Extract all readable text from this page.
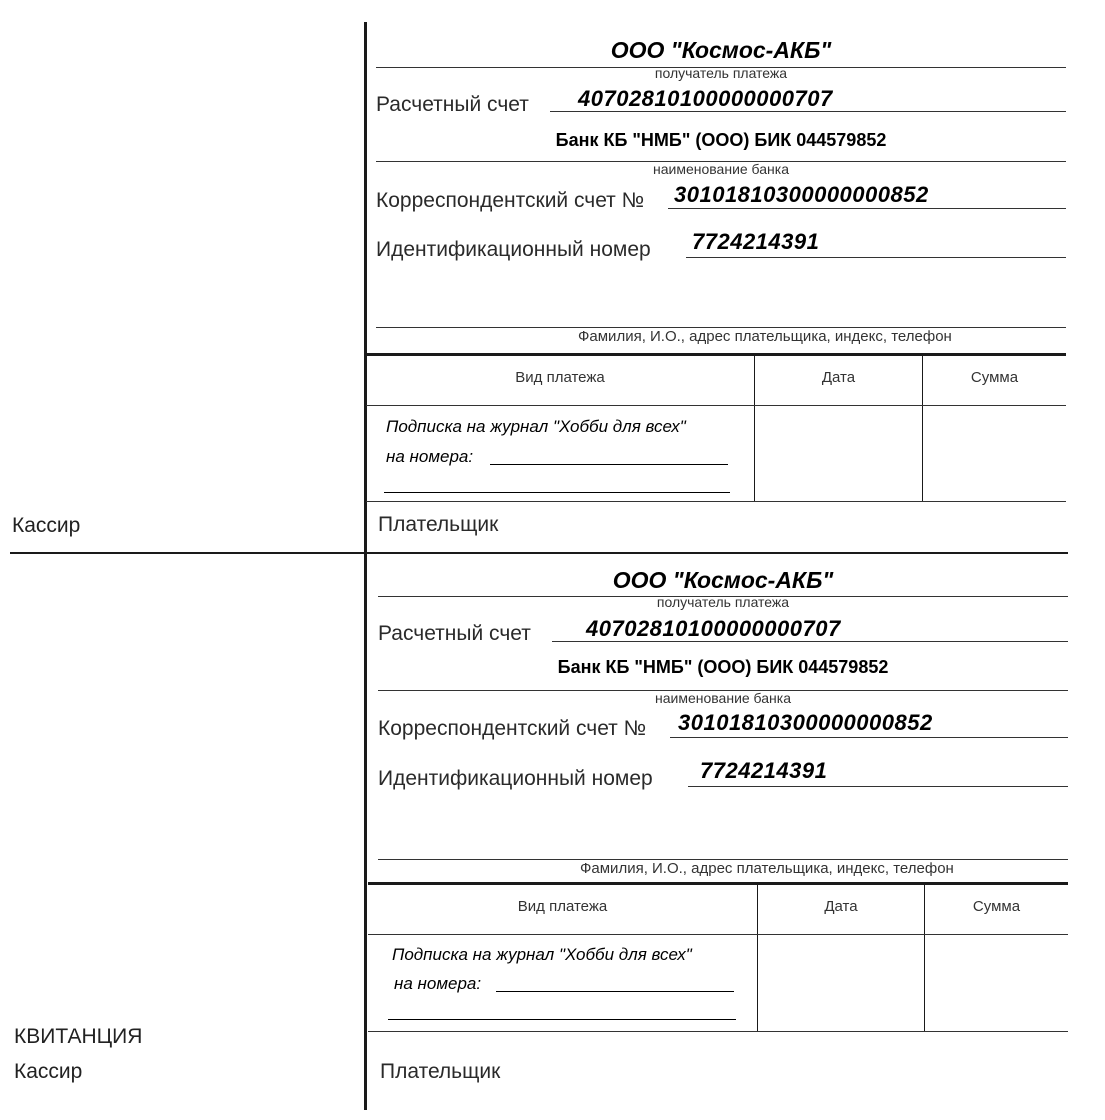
Кассир
КВИТАНЦИЯ
Кассир
ООО "Космос-АКБ"
получатель платежа
Расчетный счет 40702810100000000707
Банк КБ "НМБ" (ООО) БИК 044579852
наименование банка
Корреспондентский счет № 30101810300000000852
Идентификационный номер 7724214391
Фамилия, И.О., адрес плательщика, индекс, телефон
Вид платежа	Дата	Сумма
Подписка на журнал "Хобби для всех"
на номера:
Плательщик
ООО "Космос-АКБ"
получатель платежа
Расчетный счет	40702810100000000707
Банк КБ "НМБ" (ООО) БИК 044579852
наименование банка
Корреспондентский счет № 30101810300000000852
Идентификационный номер 7724214391
Фамилия, И.О., адрес плательщика, индекс, телефон
Вид платежа	Дата	Сумма
Подписка на журнал "Хобби для всех"
на номера:
Плательщик
